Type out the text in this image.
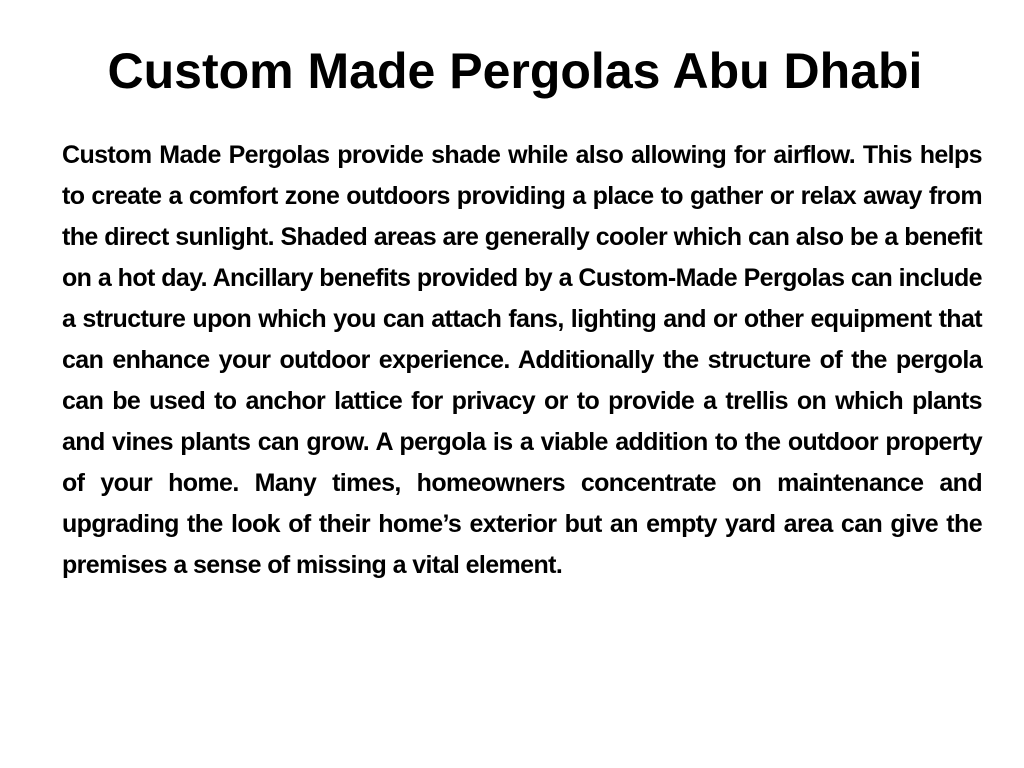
Custom Made Pergolas Abu Dhabi

Custom Made Pergolas provide shade while also allowing for airflow. This helps to create a comfort zone outdoors providing a place to gather or relax away from the direct sunlight. Shaded areas are generally cooler which can also be a benefit on a hot day. Ancillary benefits provided by a Custom-Made Pergolas can include a structure upon which you can attach fans, lighting and or other equipment that can enhance your outdoor experience. Additionally the structure of the pergola can be used to anchor lattice for privacy or to provide a trellis on which plants and vines plants can grow. A pergola is a viable addition to the outdoor property of your home. Many times, homeowners concentrate on maintenance and upgrading the look of their home’s exterior but an empty yard area can give the premises a sense of missing a vital element.
